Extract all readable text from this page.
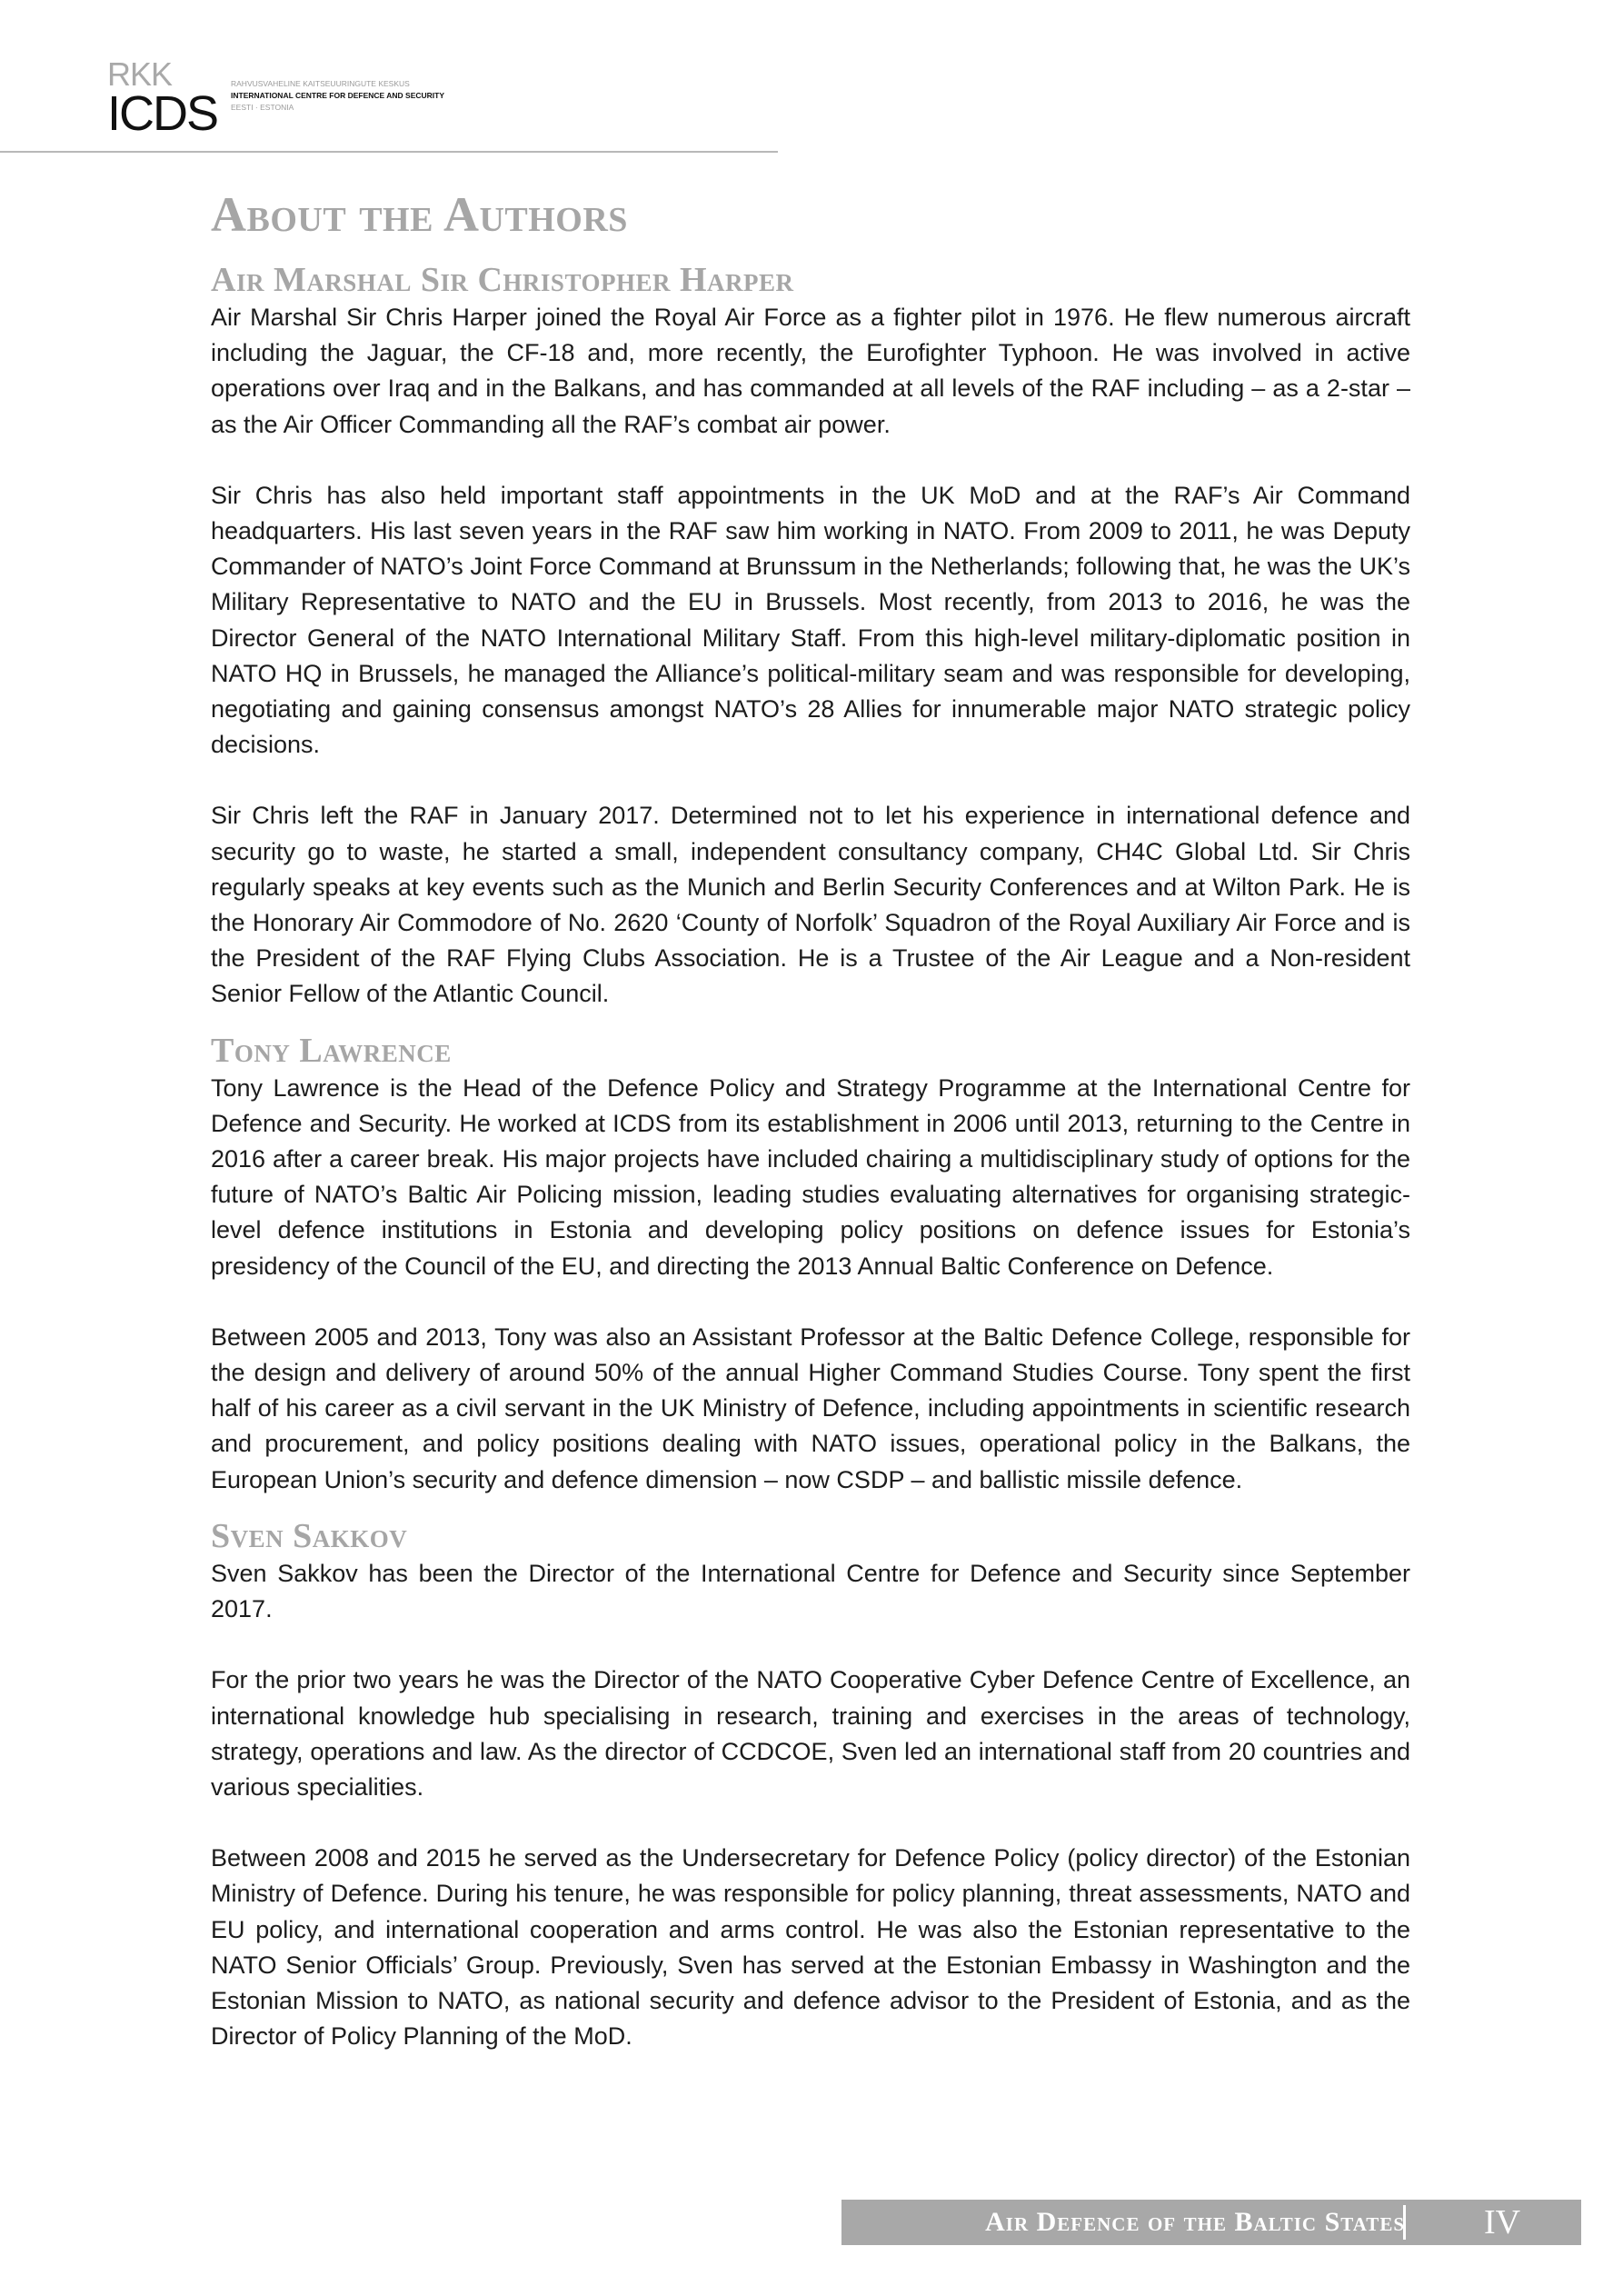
RKK
ICDS
RAHVUSVAHELINE KAITSEUURINGUTE KESKUS
INTERNATIONAL CENTRE FOR DEFENCE AND SECURITY
EESTI · ESTONIA
About the Authors
Air Marshal Sir Christopher Harper

Air Marshal Sir Chris Harper joined the Royal Air Force as a fighter pilot in 1976. He flew numerous aircraft including the Jaguar, the CF-18 and, more recently, the Eurofighter Typhoon. He was involved in active operations over Iraq and in the Balkans, and has commanded at all levels of the RAF including – as a 2-star – as the Air Officer Commanding all the RAF’s combat air power.

Sir Chris has also held important staff appointments in the UK MoD and at the RAF’s Air Command headquarters. His last seven years in the RAF saw him working in NATO. From 2009 to 2011, he was Deputy Commander of NATO’s Joint Force Command at Brunssum in the Netherlands; following that, he was the UK’s Military Representative to NATO and the EU in Brussels. Most recently, from 2013 to 2016, he was the Director General of the NATO International Military Staff. From this high-level military-diplomatic position in NATO HQ in Brussels, he managed the Alliance’s political-military seam and was responsible for developing, negotiating and gaining consensus amongst NATO’s 28 Allies for innumerable major NATO strategic policy decisions.

Sir Chris left the RAF in January 2017. Determined not to let his experience in international defence and security go to waste, he started a small, independent consultancy company, CH4C Global Ltd. Sir Chris regularly speaks at key events such as the Munich and Berlin Security Conferences and at Wilton Park. He is the Honorary Air Commodore of No. 2620 ‘County of Norfolk’ Squadron of the Royal Auxiliary Air Force and is the President of the RAF Flying Clubs Association. He is a Trustee of the Air League and a Non-resident Senior Fellow of the Atlantic Council.

Tony Lawrence

Tony Lawrence is the Head of the Defence Policy and Strategy Programme at the International Centre for Defence and Security. He worked at ICDS from its establishment in 2006 until 2013, returning to the Centre in 2016 after a career break. His major projects have included chairing a multidisciplinary study of options for the future of NATO’s Baltic Air Policing mission, leading studies evaluating alternatives for organising strategic-level defence institutions in Estonia and developing policy positions on defence issues for Estonia’s presidency of the Council of the EU, and directing the 2013 Annual Baltic Conference on Defence.

Between 2005 and 2013, Tony was also an Assistant Professor at the Baltic Defence College, responsible for the design and delivery of around 50% of the annual Higher Command Studies Course. Tony spent the first half of his career as a civil servant in the UK Ministry of Defence, including appointments in scientific research and procurement, and policy positions dealing with NATO issues, operational policy in the Balkans, the European Union’s security and defence dimension – now CSDP – and ballistic missile defence.

Sven Sakkov

Sven Sakkov has been the Director of the International Centre for Defence and Security since September 2017.

For the prior two years he was the Director of the NATO Cooperative Cyber Defence Centre of Excellence, an international knowledge hub specialising in research, training and exercises in the areas of technology, strategy, operations and law. As the director of CCDCOE, Sven led an international staff from 20 countries and various specialities.

Between 2008 and 2015 he served as the Undersecretary for Defence Policy (policy director) of the Estonian Ministry of Defence. During his tenure, he was responsible for policy planning, threat assessments, NATO and EU policy, and international cooperation and arms control. He was also the Estonian representative to the NATO Senior Officials’ Group. Previously, Sven has served at the Estonian Embassy in Washington and the Estonian Mission to NATO, as national security and defence advisor to the President of Estonia, and as the Director of Policy Planning of the MoD.

Air Defence of the Baltic States	IV
